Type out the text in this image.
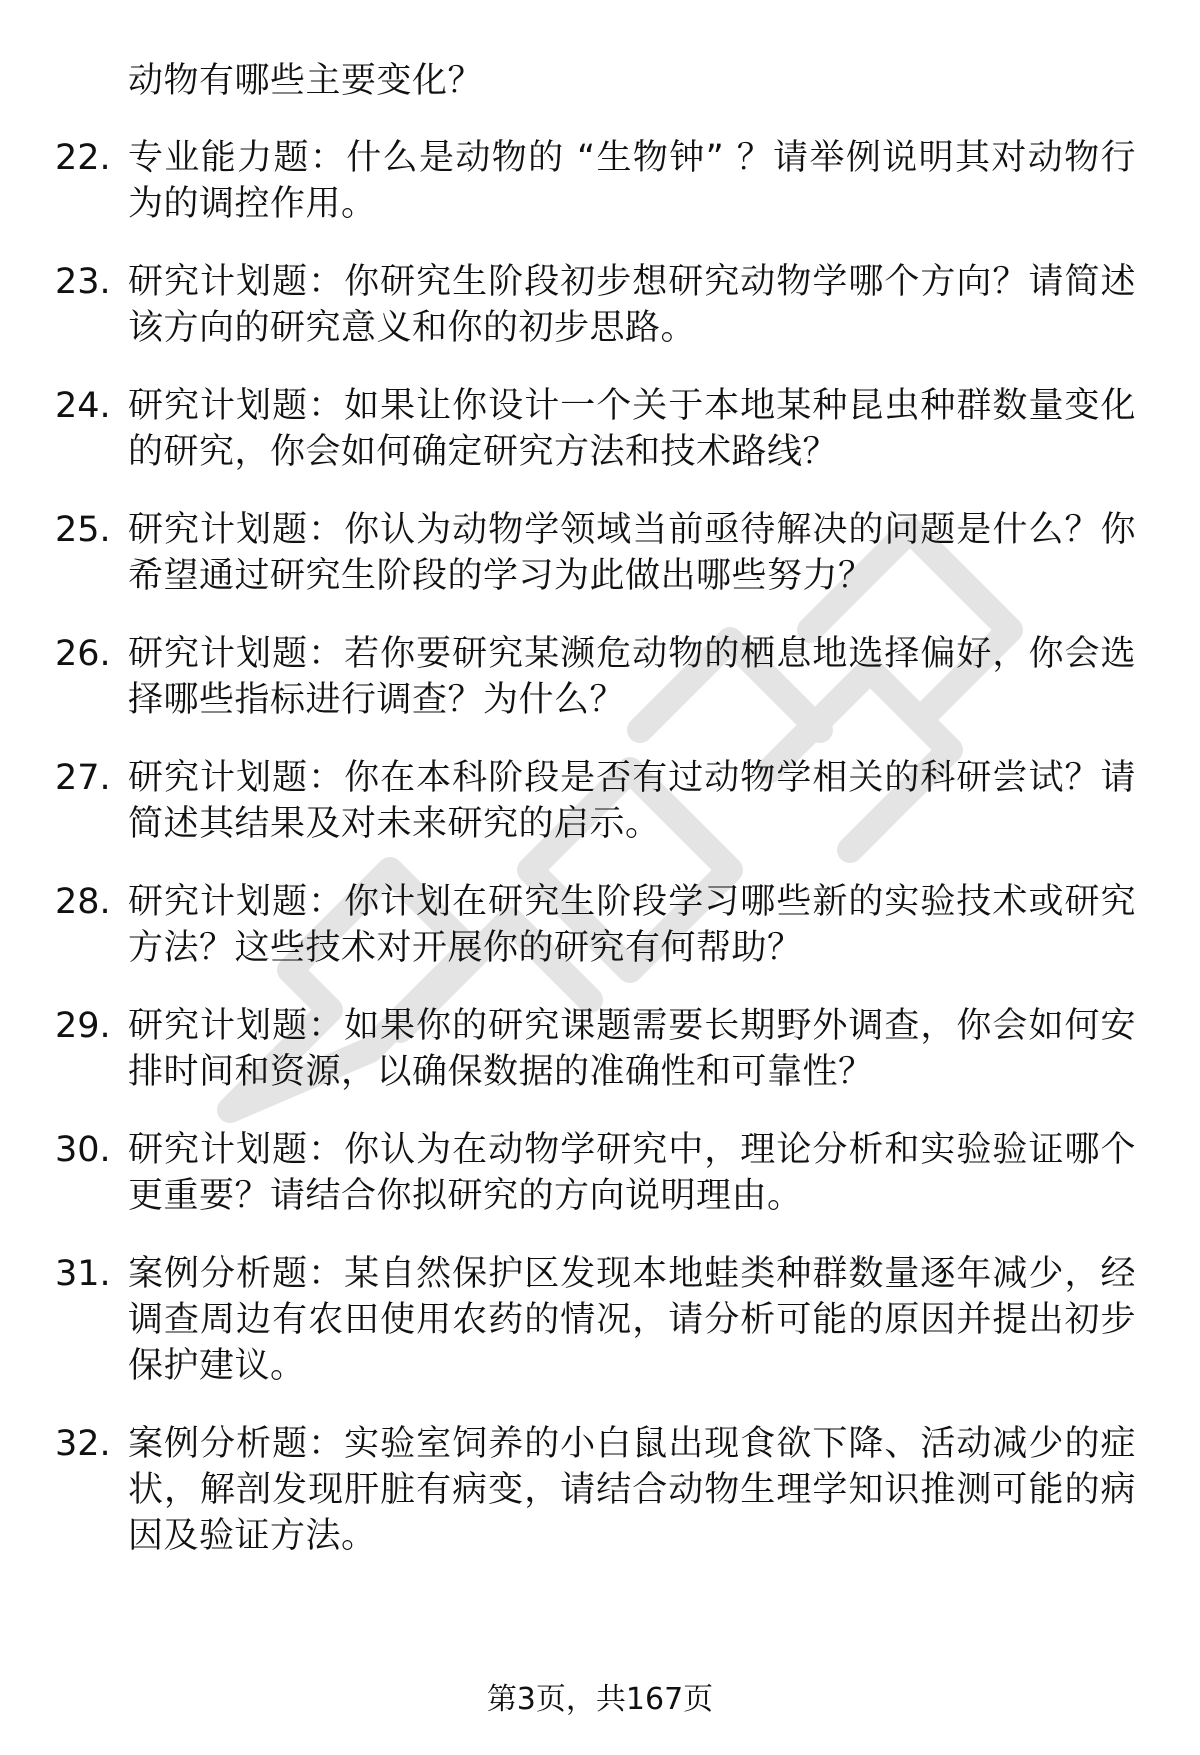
动物有哪些主要变化？
22. 专业能力题：什么是动物的 “生物钟” ？请举例说明其对动物行为的调控作用。
23. 研究计划题：你研究生阶段初步想研究动物学哪个方向？请简述该方向的研究意义和你的初步思路。
24. 研究计划题：如果让你设计一个关于本地某种昆虫种群数量变化的研究，你会如何确定研究方法和技术路线？
25. 研究计划题：你认为动物学领域当前亟待解决的问题是什么？你希望通过研究生阶段的学习为此做出哪些努力？
26. 研究计划题：若你要研究某濒危动物的栖息地选择偏好，你会选择哪些指标进行调查？为什么？
27. 研究计划题：你在本科阶段是否有过动物学相关的科研尝试？请简述其结果及对未来研究的启示。
28. 研究计划题：你计划在研究生阶段学习哪些新的实验技术或研究方法？这些技术对开展你的研究有何帮助？
29. 研究计划题：如果你的研究课题需要长期野外调查，你会如何安排时间和资源，以确保数据的准确性和可靠性？
30. 研究计划题：你认为在动物学研究中，理论分析和实验验证哪个更重要？请结合你拟研究的方向说明理由。
31. 案例分析题：某自然保护区发现本地蛙类种群数量逐年减少，经调查周边有农田使用农药的情况，请分析可能的原因并提出初步保护建议。
32. 案例分析题：实验室饲养的小白鼠出现食欲下降、活动减少的症状，解剖发现肝脏有病变，请结合动物生理学知识推测可能的病因及验证方法。
第3页，共167页
